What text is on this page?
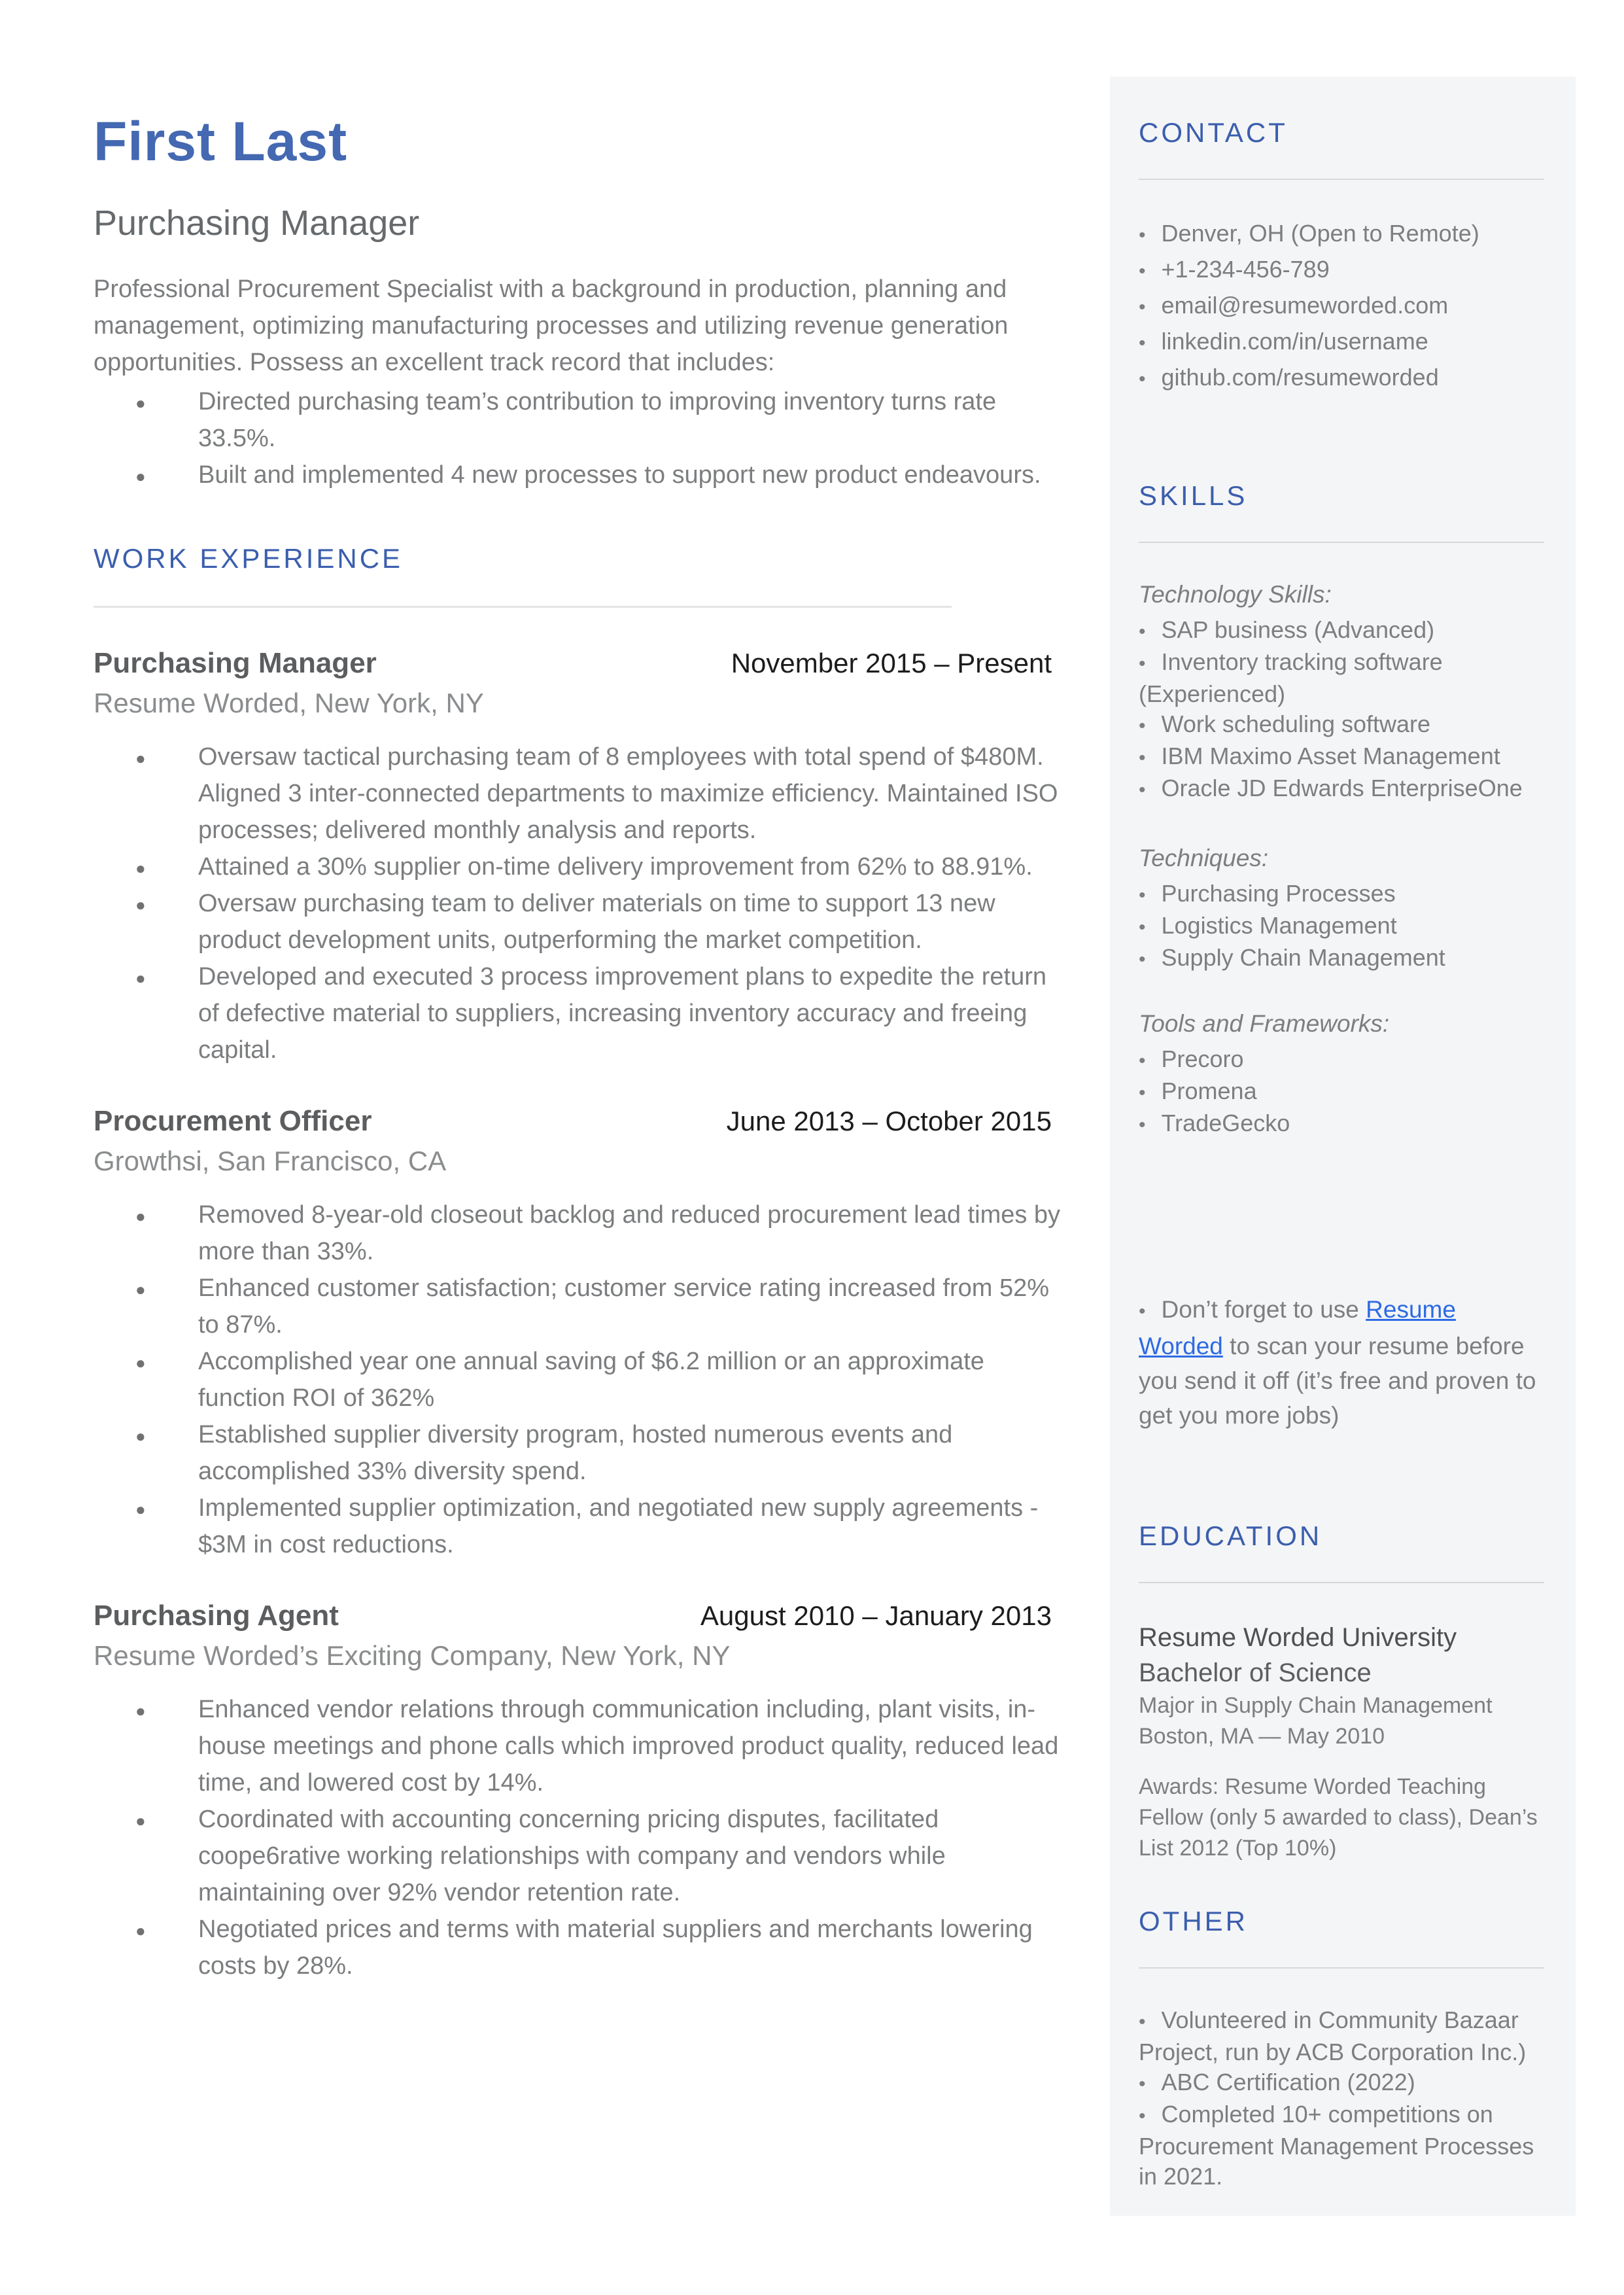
First Last
Purchasing Manager

Professional Procurement Specialist with a background in production, planning and management, optimizing manufacturing processes and utilizing revenue generation opportunities. Possess an excellent track record that includes:

● Directed purchasing team’s contribution to improving inventory turns rate 33.5%.
● Built and implemented 4 new processes to support new product endeavours.
WORK EXPERIENCE
Purchasing Manager	November 2015 – Present
Resume Worded, New York, NY
● Oversaw tactical purchasing team of 8 employees with total spend of $480M. Aligned 3 inter-connected departments to maximize efficiency. Maintained ISO processes; delivered monthly analysis and reports.
● Attained a 30% supplier on-time delivery improvement from 62% to 88.91%.
● Oversaw purchasing team to deliver materials on time to support 13 new product development units, outperforming the market competition.
● Developed and executed 3 process improvement plans to expedite the return of defective material to suppliers, increasing inventory accuracy and freeing capital.
Procurement Officer	June 2013 – October 2015
Growthsi, San Francisco, CA
● Removed 8-year-old closeout backlog and reduced procurement lead times by more than 33%.
● Enhanced customer satisfaction; customer service rating increased from 52% to 87%.
● Accomplished year one annual saving of $6.2 million or an approximate function ROI of 362%
● Established supplier diversity program, hosted numerous events and accomplished 33% diversity spend.
● Implemented supplier optimization, and negotiated new supply agreements - $3M in cost reductions.
Purchasing Agent	August 2010 – January 2013
Resume Worded’s Exciting Company, New York, NY
● Enhanced vendor relations through communication including, plant visits, in-house meetings and phone calls which improved product quality, reduced lead time, and lowered cost by 14%.
● Coordinated with accounting concerning pricing disputes, facilitated coope6rative working relationships with company and vendors while maintaining over 92% vendor retention rate.
● Negotiated prices and terms with material suppliers and merchants lowering costs by 28%.
CONTACT
• Denver, OH (Open to Remote)
• +1-234-456-789
• email@resumeworded.com
• linkedin.com/in/username
• github.com/resumeworded
SKILLS
Technology Skills:
• SAP business (Advanced)
• Inventory tracking software (Experienced)
• Work scheduling software
• IBM Maximo Asset Management
• Oracle JD Edwards EnterpriseOne
Techniques:
• Purchasing Processes
• Logistics Management
• Supply Chain Management
Tools and Frameworks:
• Precoro
• Promena
• TradeGecko
• Don’t forget to use Resume Worded to scan your resume before you send it off (it’s free and proven to get you more jobs)
EDUCATION
Resume Worded University
Bachelor of Science
Major in Supply Chain Management
Boston, MA — May 2010
Awards: Resume Worded Teaching Fellow (only 5 awarded to class), Dean’s List 2012 (Top 10%)
OTHER
• Volunteered in Community Bazaar Project, run by ACB Corporation Inc.)
• ABC Certification (2022)
• Completed 10+ competitions on Procurement Management Processes in 2021.
